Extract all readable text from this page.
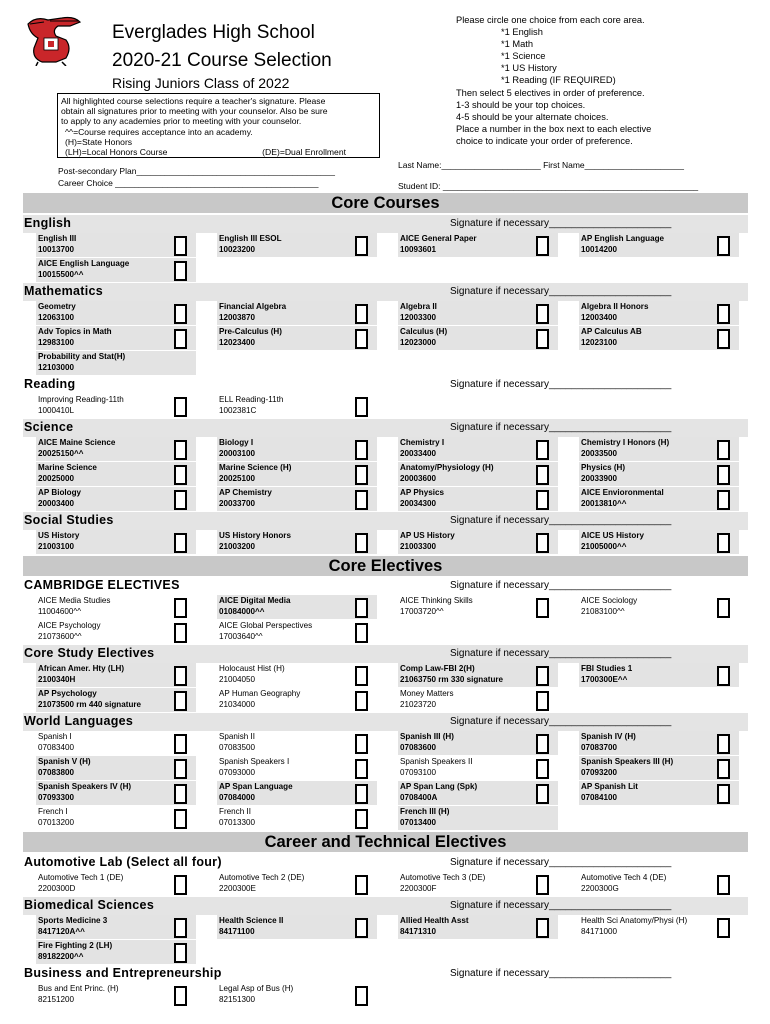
Everglades High School
2020-21 Course Selection
Rising Juniors Class of 2022
All highlighted course selections require a teacher's signature. Please
obtain all signatures prior to meeting with your counselor. Also be sure
to apply to any academies prior to meeting with your counselor.
^^=Course requires acceptance into an academy.
(H)=State Honors
(LH)=Local Honors Course	(DE)=Dual Enrollment
Post-secondary Plan__________________________________________
Career Choice ___________________________________________
Please circle one choice from each core area.
*1 English
*1 Math
*1 Science
*1 US History
*1 Reading (IF REQUIRED)
Then select 5 electives in order of preference.
1-3 should be your top choices.
4-5 should be your alternate choices.
Place a number in the box next to each elective
choice to indicate your order of preference.
Last Name:_____________________ First Name_____________________
Student ID: ______________________________________________________
Core Courses
Core Electives
Career and Technical Electives
English	Signature if necessary______________________
Mathematics	Signature if necessary______________________
Reading	Signature if necessary______________________
Science	Signature if necessary______________________
Social Studies	Signature if necessary______________________
CAMBRIDGE ELECTIVES	Signature if necessary______________________
Core Study Electives	Signature if necessary______________________
World Languages	Signature if necessary______________________
Automotive Lab (Select all four)	Signature if necessary______________________
Biomedical Sciences	Signature if necessary______________________
Business and Entrepreneurship	Signature if necessary______________________
English III
10013700
English III ESOL
10023200
AICE General Paper
10093601
AP English Language
10014200
AICE English Language
10015500^^
Geometry
12063100
Financial Algebra
12003870
Algebra II
12003300
Algebra II Honors
12003400
Adv Topics in Math
12983100
Pre-Calculus (H)
12023400
Calculus (H)
12023000
AP Calculus AB
12023100
Probability and Stat(H)
12103000
Improving Reading-11th
1000410L
ELL Reading-11th
1002381C
AICE Maine Science
20025150^^
Biology I
20003100
Chemistry I
20033400
Chemistry I Honors (H)
20033500
Marine Science
20025000
Marine Science (H)
20025100
Anatomy/Physiology (H)
20003600
Physics (H)
20033900
AP Biology
20003400
AP Chemistry
20033700
AP Physics
20034300
AICE Envioronmental
20013810^^
US History
21003100
US History Honors
21003200
AP US History
21003300
AICE US History
21005000^^
AICE Media Studies
11004600^^
AICE Digital Media
01084000^^
AICE Thinking Skills
17003720^^
AICE Sociology
21083100^^
AICE Psychology
21073600^^
AICE Global Perspectives
17003640^^
African Amer. Hty (LH)
2100340H
Holocaust Hist (H)
21004050
Comp Law-FBI 2(H)
21063750 rm 330 signature
FBI Studies 1
1700300E^^
AP Psychology
21073500 rm 440 signature
AP Human Geography
21034000
Money Matters
21023720
Spanish I
07083400
Spanish II
07083500
Spanish III (H)
07083600
Spanish IV (H)
07083700
Spanish V (H)
07083800
Spanish Speakers I
07093000
Spanish Speakers II
07093100
Spanish Speakers III (H)
07093200
Spanish Speakers IV (H)
07093300
AP Span Language
07084000
AP Span Lang (Spk)
0708400A
AP Spanish Lit
07084100
French I
07013200
French II
07013300
French III (H)
07013400
Automotive Tech 1 (DE)
2200300D
Automotive Tech 2 (DE)
2200300E
Automotive Tech 3 (DE)
2200300F
Automotive Tech 4 (DE)
2200300G
Sports Medicine 3
8417120A^^
Health Science II
84171100
Allied Health Asst
84171310
Health Sci Anatomy/Physi (H)
84171000
Fire Fighting 2 (LH)
89182200^^
Bus and Ent Princ. (H)
82151200
Legal Asp of Bus (H)
82151300
